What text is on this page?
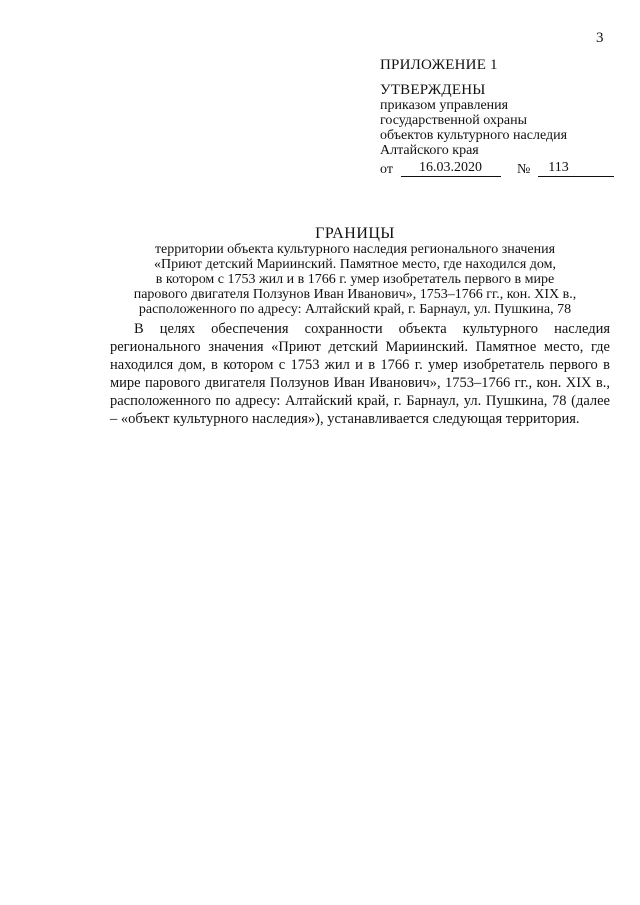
3
ПРИЛОЖЕНИЕ 1
УТВЕРЖДЕНЫ
приказом управления
государственной охраны
объектов культурного наследия
Алтайского края
от	16.03.2020	№	113
ГРАНИЦЫ
территории объекта культурного наследия регионального значения
«Приют детский Мариинский. Памятное место, где находился дом,
в котором с 1753 жил и в 1766 г. умер изобретатель первого в мире
парового двигателя Ползунов Иван Иванович», 1753–1766 гг., кон. XIX в.,
расположенного по адресу: Алтайский край, г. Барнаул, ул. Пушкина, 78

В целях обеспечения сохранности объекта культурного наследия регионального значения «Приют детский Мариинский. Памятное место, где находился дом, в котором с 1753 жил и в 1766 г. умер изобретатель первого в мире парового двигателя Ползунов Иван Иванович», 1753–1766 гг., кон. XIX в., расположенного по адресу: Алтайский край, г. Барнаул, ул. Пушкина, 78 (далее – «объект культурного наследия»), устанавливается следующая территория.
